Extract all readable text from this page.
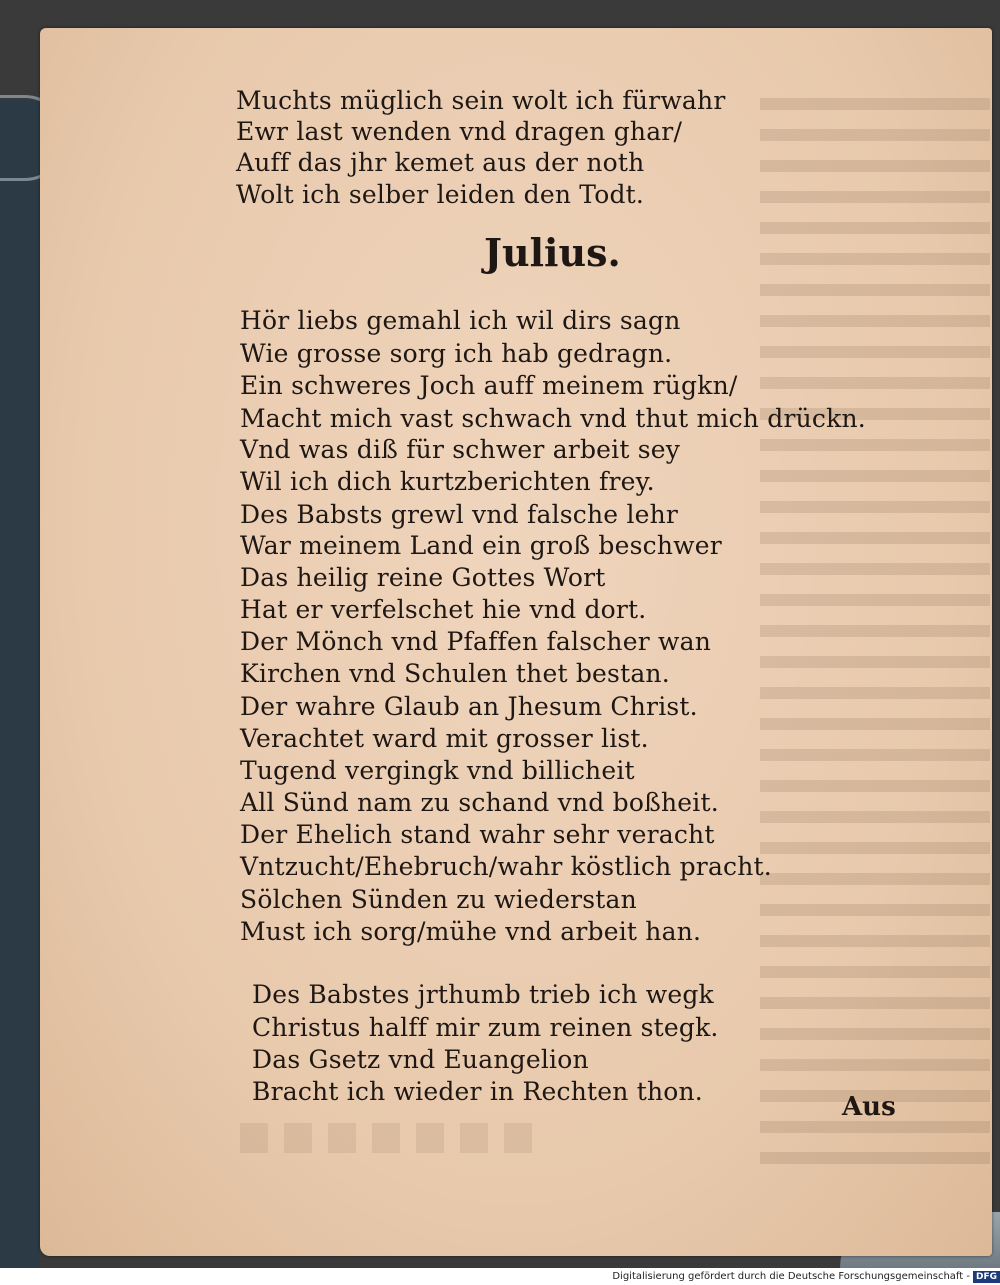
Muchts müglich sein wolt ich fürwahr

Ewr last wenden vnd dragen ghar/

Auff das jhr kemet aus der noth

Wolt ich selber leiden den Todt.

Julius.

Hör liebs gemahl ich wil dirs sagn

Wie grosse sorg ich hab gedragn.

Ein schweres Joch auff meinem rügkn/

Macht mich vast schwach vnd thut mich drückn.

Vnd was diß für schwer arbeit sey

Wil ich dich kurtzberichten frey.

Des Babsts grewl vnd falsche lehr

War meinem Land ein groß beschwer

Das heilig reine Gottes Wort

Hat er verfelschet hie vnd dort.

Der Mönch vnd Pfaffen falscher wan

Kirchen vnd Schulen thet bestan.

Der wahre Glaub an Jhesum Christ.

Verachtet ward mit grosser list.

Tugend vergingk vnd billicheit

All Sünd nam zu schand vnd boßheit.

Der Ehelich stand wahr sehr veracht

Vntzucht/Ehebruch/wahr köstlich pracht.

Sölchen Sünden zu wiederstan

Must ich sorg/mühe vnd arbeit han.

Des Babstes jrthumb trieb ich wegk

Christus halff mir zum reinen stegk.

Das Gsetz vnd Euangelion

Bracht ich wieder in Rechten thon.

Aus
Digitalisierung gefördert durch die Deutsche Forschungsgemeinschaft - DFG
